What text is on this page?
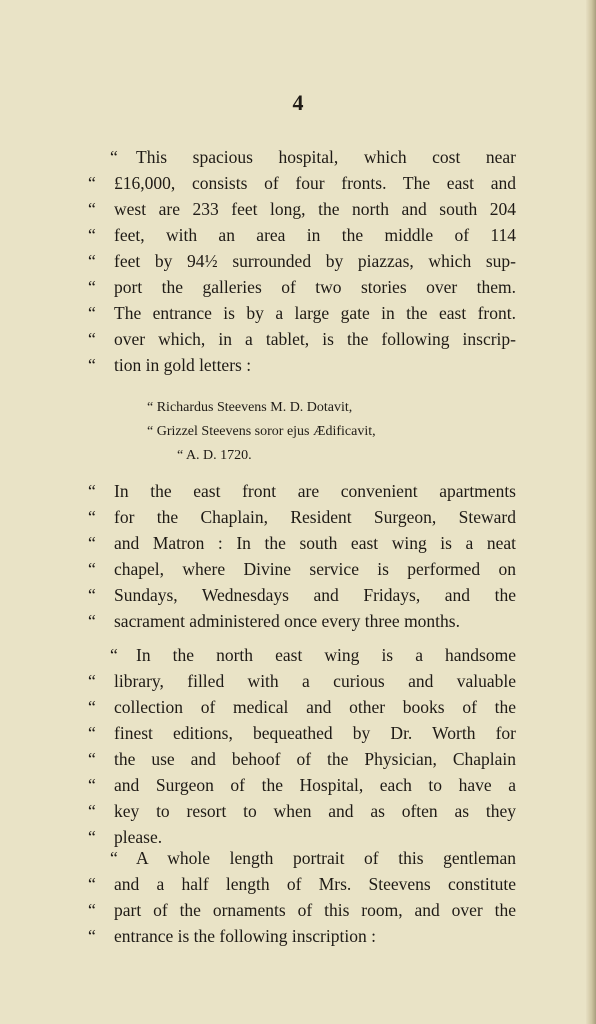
4
“	This spacious hospital, which cost near
“	£16,000, consists of four fronts. The east and
“	west are 233 feet long, the north and south 204
“	feet, with an area in the middle of 114
“	feet by 94½ surrounded by piazzas, which sup-
“	port the galleries of two stories over them.
“	The entrance is by a large gate in the east front.
“	over which, in a tablet, is the following inscrip-
“	tion in gold letters :
“	In the east front are convenient apartments
“	for the Chaplain, Resident Surgeon, Steward
“	and Matron : In the south east wing is a neat
“	chapel, where Divine service is performed on
“	Sundays, Wednesdays and Fridays, and the
“	sacrament administered once every three months.
“	In the north east wing is a handsome
“	library, filled with a curious and valuable
“	collection of medical and other books of the
“	finest editions, bequeathed by Dr. Worth for
“	the use and behoof of the Physician, Chaplain
“	and Surgeon of the Hospital, each to have a
“	key to resort to when and as often as they
“	please.
“	A whole length portrait of this gentleman
“	and a half length of Mrs. Steevens constitute
“	part of the ornaments of this room, and over the
“	entrance is the following inscription :
“ Richardus Steevens M. D. Dotavit,
“ Grizzel Steevens soror ejus Ædificavit,
“ A. D. 1720.
